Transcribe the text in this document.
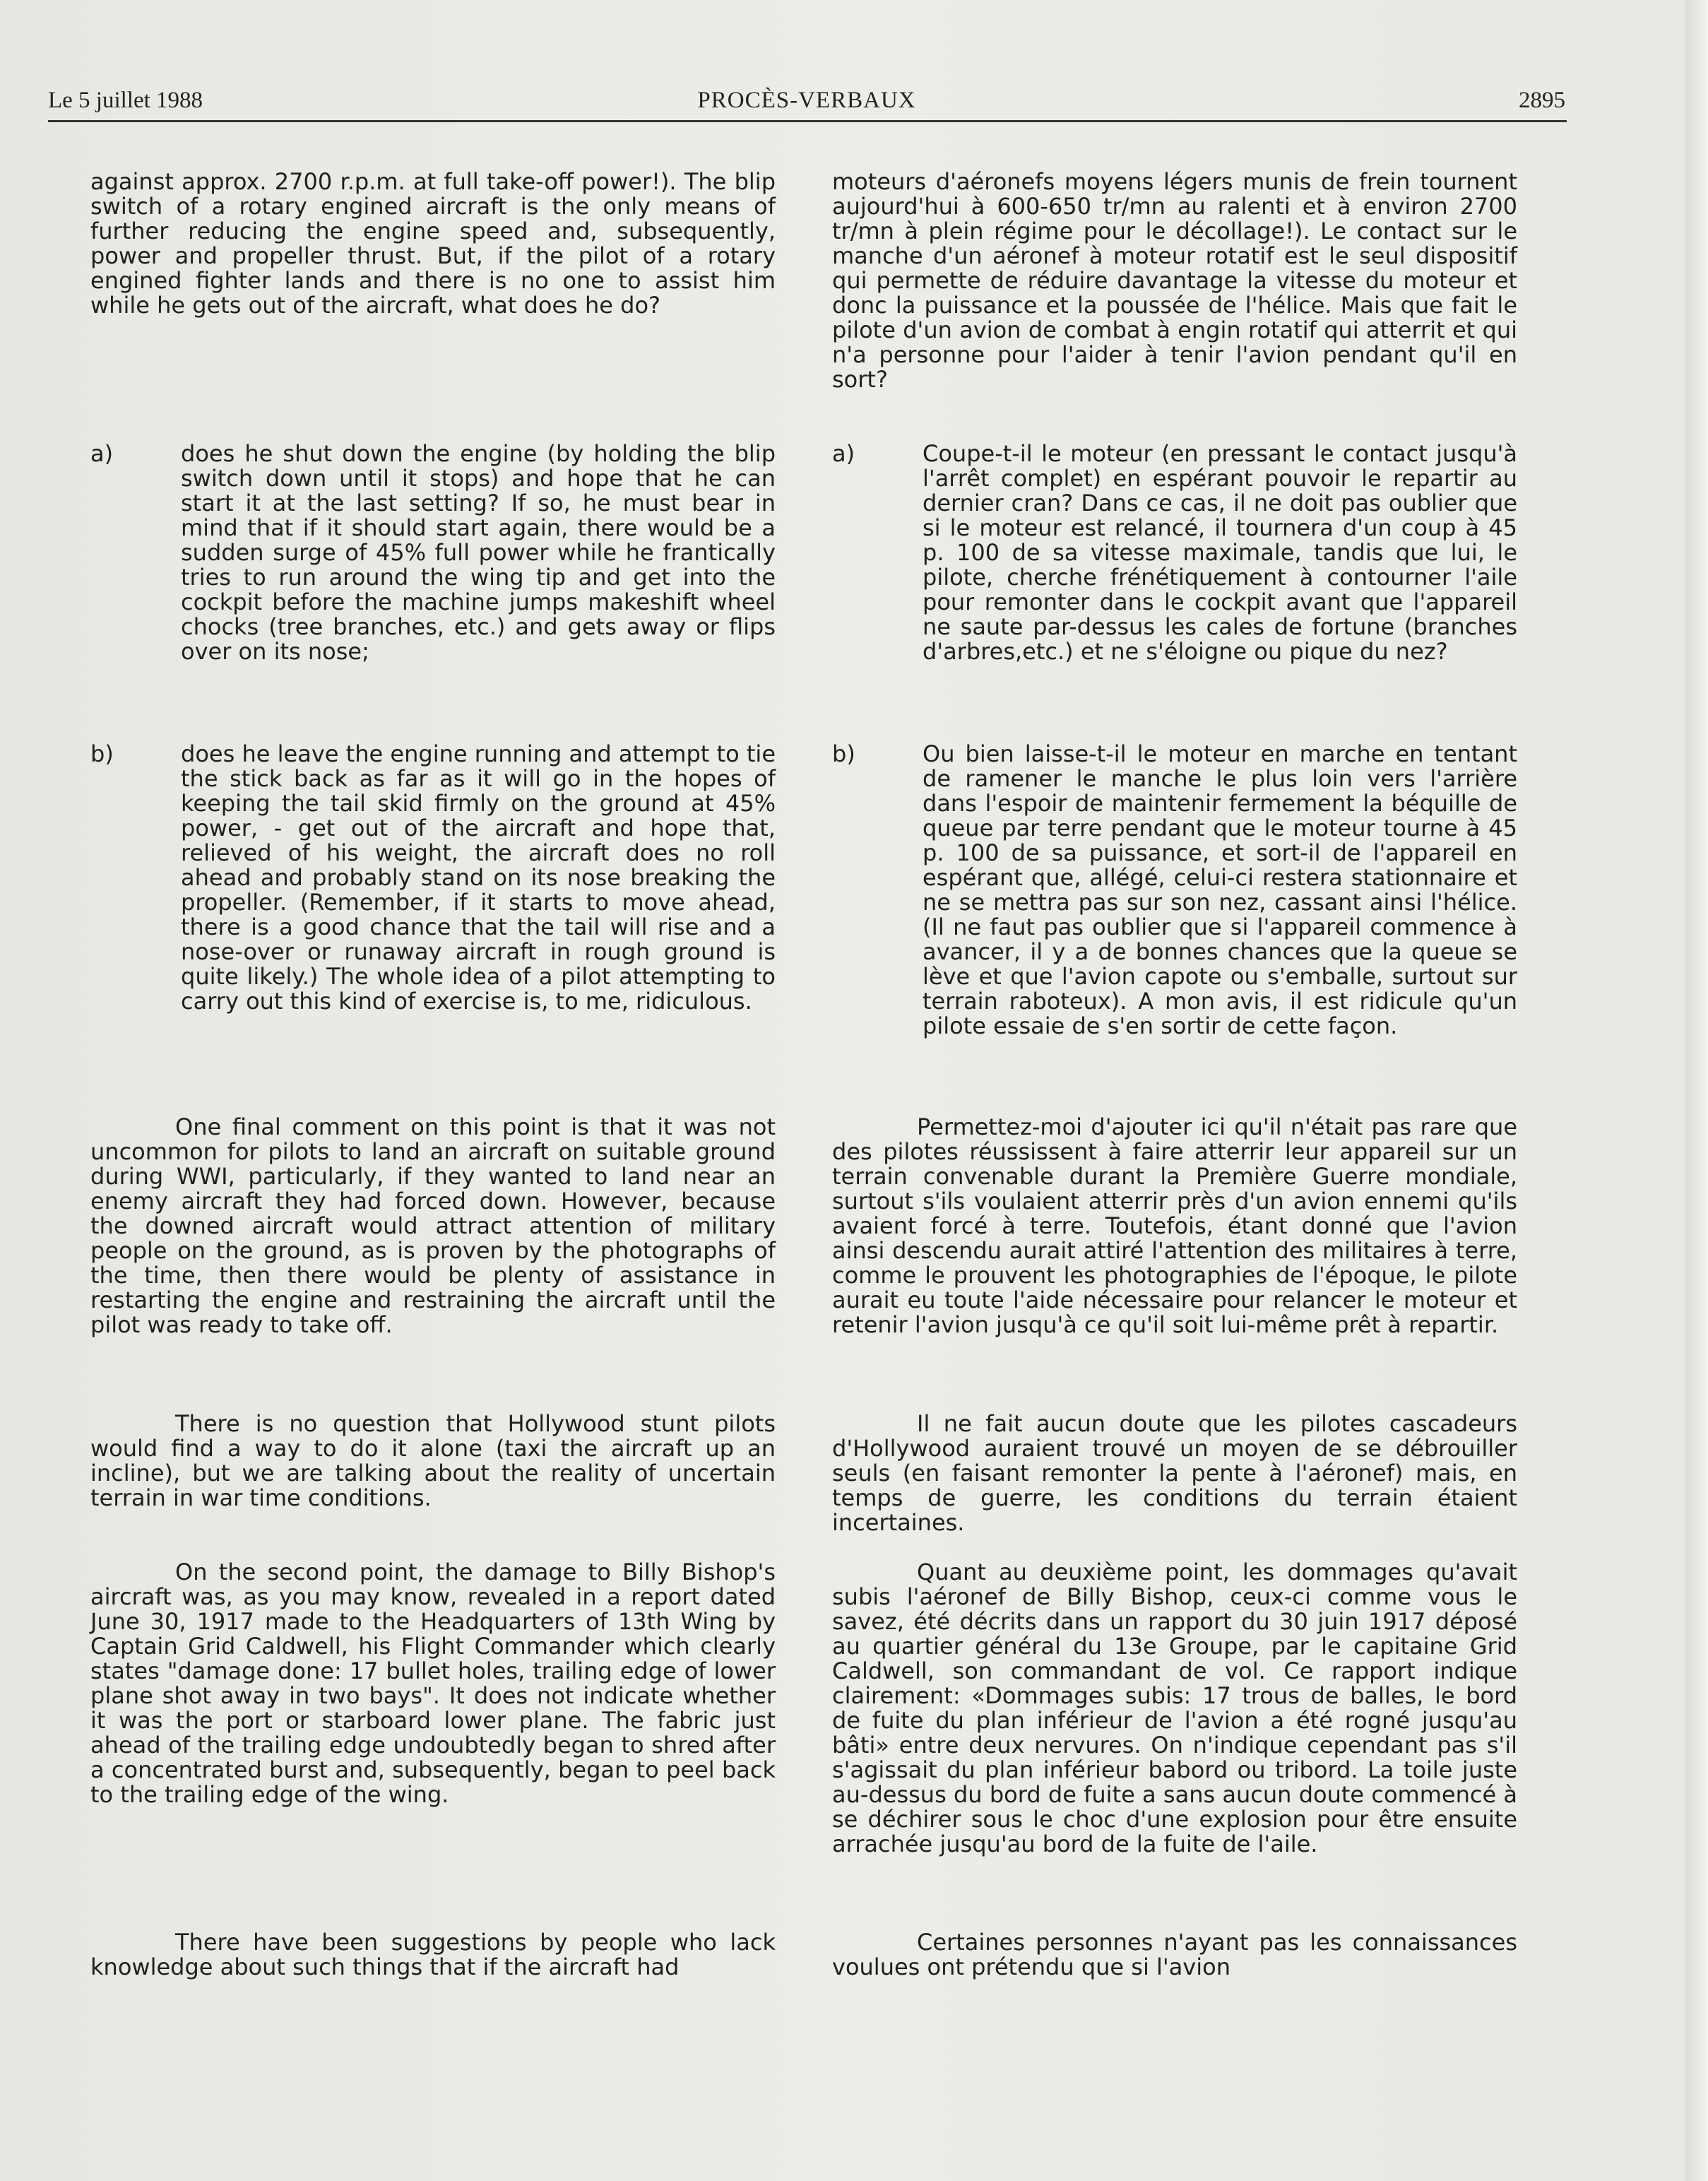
Le 5 juillet 1988	PROCÈS-VERBAUX	2895
against approx. 2700 r.p.m. at full take-off power!). The blip switch of a rotary engined aircraft is the only means of further reducing the engine speed and, subsequently, power and propeller thrust. But, if the pilot of a rotary engined fighter lands and there is no one to assist him while he gets out of the aircraft, what does he do?
a)	does he shut down the engine (by holding the blip switch down until it stops) and hope that he can start it at the last setting? If so, he must bear in mind that if it should start again, there would be a sudden surge of 45% full power while he frantically tries to run around the wing tip and get into the cockpit before the machine jumps makeshift wheel chocks (tree branches, etc.) and gets away or flips over on its nose;
b)	does he leave the engine running and attempt to tie the stick back as far as it will go in the hopes of keeping the tail skid firmly on the ground at 45% power, - get out of the aircraft and hope that, relieved of his weight, the aircraft does no roll ahead and probably stand on its nose breaking the propeller. (Remember, if it starts to move ahead, there is a good chance that the tail will rise and a nose-over or runaway aircraft in rough ground is quite likely.) The whole idea of a pilot attempting to carry out this kind of exercise is, to me, ridiculous.
One final comment on this point is that it was not uncommon for pilots to land an aircraft on suitable ground during WWI, particularly, if they wanted to land near an enemy aircraft they had forced down. However, because the downed aircraft would attract attention of military people on the ground, as is proven by the photographs of the time, then there would be plenty of assistance in restarting the engine and restraining the aircraft until the pilot was ready to take off.
There is no question that Hollywood stunt pilots would find a way to do it alone (taxi the aircraft up an incline), but we are talking about the reality of uncertain terrain in war time conditions.
On the second point, the damage to Billy Bishop's aircraft was, as you may know, revealed in a report dated June 30, 1917 made to the Headquarters of 13th Wing by Captain Grid Caldwell, his Flight Commander which clearly states "damage done: 17 bullet holes, trailing edge of lower plane shot away in two bays". It does not indicate whether it was the port or starboard lower plane. The fabric just ahead of the trailing edge undoubtedly began to shred after a concentrated burst and, subsequently, began to peel back to the trailing edge of the wing.
There have been suggestions by people who lack knowledge about such things that if the aircraft had
moteurs d'aéronefs moyens légers munis de frein tournent aujourd'hui à 600-650 tr/mn au ralenti et à environ 2700 tr/mn à plein régime pour le décollage!). Le contact sur le manche d'un aéronef à moteur rotatif est le seul dispositif qui permette de réduire davantage la vitesse du moteur et donc la puissance et la poussée de l'hélice. Mais que fait le pilote d'un avion de combat à engin rotatif qui atterrit et qui n'a personne pour l'aider à tenir l'avion pendant qu'il en sort?
a)	Coupe-t-il le moteur (en pressant le contact jusqu'à l'arrêt complet) en espérant pouvoir le repartir au dernier cran? Dans ce cas, il ne doit pas oublier que si le moteur est relancé, il tournera d'un coup à 45 p. 100 de sa vitesse maximale, tandis que lui, le pilote, cherche frénétiquement à contourner l'aile pour remonter dans le cockpit avant que l'appareil ne saute par-dessus les cales de fortune (branches d'arbres,etc.) et ne s'éloigne ou pique du nez?
b)	Ou bien laisse-t-il le moteur en marche en tentant de ramener le manche le plus loin vers l'arrière dans l'espoir de maintenir fermement la béquille de queue par terre pendant que le moteur tourne à 45 p. 100 de sa puissance, et sort-il de l'appareil en espérant que, allégé, celui-ci restera stationnaire et ne se mettra pas sur son nez, cassant ainsi l'hélice. (Il ne faut pas oublier que si l'appareil commence à avancer, il y a de bonnes chances que la queue se lève et que l'avion capote ou s'emballe, surtout sur terrain raboteux). A mon avis, il est ridicule qu'un pilote essaie de s'en sortir de cette façon.
Permettez-moi d'ajouter ici qu'il n'était pas rare que des pilotes réussissent à faire atterrir leur appareil sur un terrain convenable durant la Première Guerre mondiale, surtout s'ils voulaient atterrir près d'un avion ennemi qu'ils avaient forcé à terre. Toutefois, étant donné que l'avion ainsi descendu aurait attiré l'attention des militaires à terre, comme le prouvent les photographies de l'époque, le pilote aurait eu toute l'aide nécessaire pour relancer le moteur et retenir l'avion jusqu'à ce qu'il soit lui-même prêt à repartir.
Il ne fait aucun doute que les pilotes cascadeurs d'Hollywood auraient trouvé un moyen de se débrouiller seuls (en faisant remonter la pente à l'aéronef) mais, en temps de guerre, les conditions du terrain étaient incertaines.
Quant au deuxième point, les dommages qu'avait subis l'aéronef de Billy Bishop, ceux-ci comme vous le savez, été décrits dans un rapport du 30 juin 1917 déposé au quartier général du 13e Groupe, par le capitaine Grid Caldwell, son commandant de vol. Ce rapport indique clairement: «Dommages subis: 17 trous de balles, le bord de fuite du plan inférieur de l'avion a été rogné jusqu'au bâti» entre deux nervures. On n'indique cependant pas s'il s'agissait du plan inférieur babord ou tribord. La toile juste au-dessus du bord de fuite a sans aucun doute commencé à se déchirer sous le choc d'une explosion pour être ensuite arrachée jusqu'au bord de la fuite de l'aile.
Certaines personnes n'ayant pas les connaissances voulues ont prétendu que si l'avion
